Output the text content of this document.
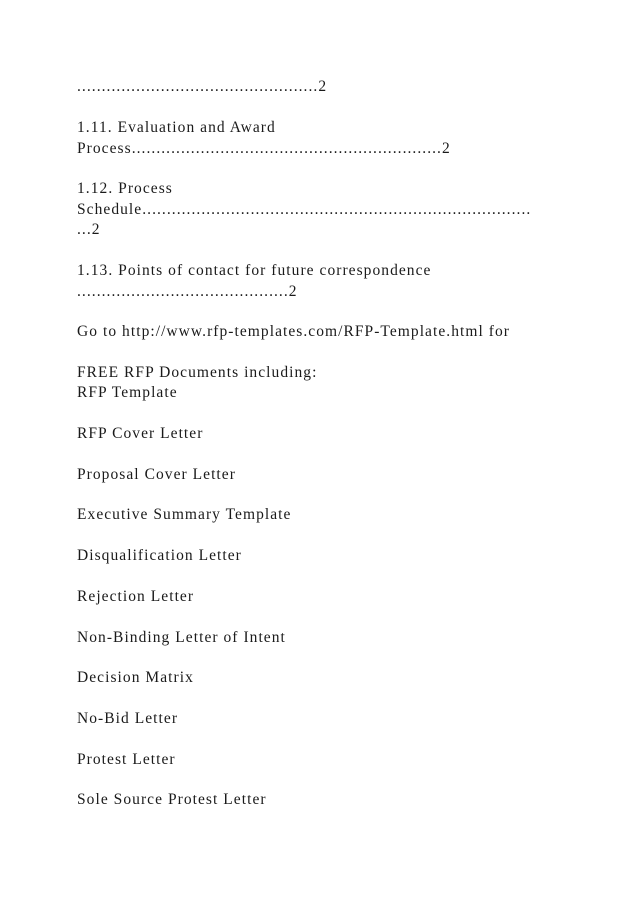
.................................................2

1.11. Evaluation and Award

Process...............................................................2

1.12. Process

Schedule...............................................................................

...2

1.13. Points of contact for future correspondence

...........................................2

Go to http://www.rfp-templates.com/RFP-Template.html for

FREE RFP Documents including:

RFP Template

RFP Cover Letter

Proposal Cover Letter

Executive Summary Template

Disqualification Letter

Rejection Letter

Non-Binding Letter of Intent

Decision Matrix

No-Bid Letter

Protest Letter

Sole Source Protest Letter
